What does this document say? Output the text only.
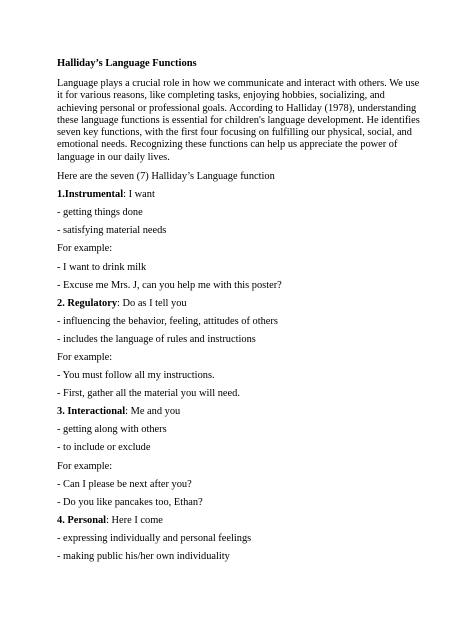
Halliday’s Language Functions
Language plays a crucial role in how we communicate and interact with others. We use it for various reasons, like completing tasks, enjoying hobbies, socializing, and achieving personal or professional goals. According to Halliday (1978), understanding these language functions is essential for children's language development. He identifies seven key functions, with the first four focusing on fulfilling our physical, social, and emotional needs. Recognizing these functions can help us appreciate the power of language in our daily lives.
Here are the seven (7) Halliday’s Language function
1.Instrumental: I want
- getting things done
- satisfying material needs
For example:
- I want to drink milk
- Excuse me Mrs. J, can you help me with this poster?
2. Regulatory: Do as I tell you
- influencing the behavior, feeling, attitudes of others
- includes the language of rules and instructions
For example:
- You must follow all my instructions.
- First, gather all the material you will need.
3. Interactional: Me and you
- getting along with others
- to include or exclude
For example:
- Can I please be next after you?
- Do you like pancakes too, Ethan?
4. Personal: Here I come
- expressing individually and personal feelings
- making public his/her own individuality
